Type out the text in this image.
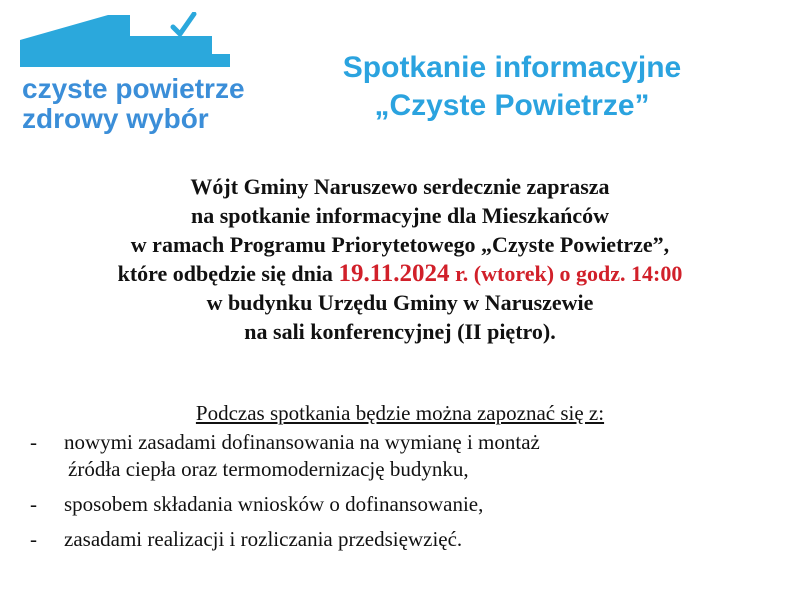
czyste powietrze
zdrowy wybór
Spotkanie informacyjne
„Czyste Powietrze”
Wójt Gminy Naruszewo serdecznie zaprasza
na spotkanie informacyjne dla Mieszkańców
w ramach Programu Priorytetowego „Czyste Powietrze”,
które odbędzie się dnia 19.11.2024 r. (wtorek) o godz. 14:00
w budynku Urzędu Gminy w Naruszewie
na sali konferencyjnej (II piętro).
Podczas spotkania będzie można zapoznać się z:
- nowymi zasadami dofinansowania na wymianę i montaż
źródła ciepła oraz termomodernizację budynku,
- sposobem składania wniosków o dofinansowanie,
- zasadami realizacji i rozliczania przedsięwzięć.
